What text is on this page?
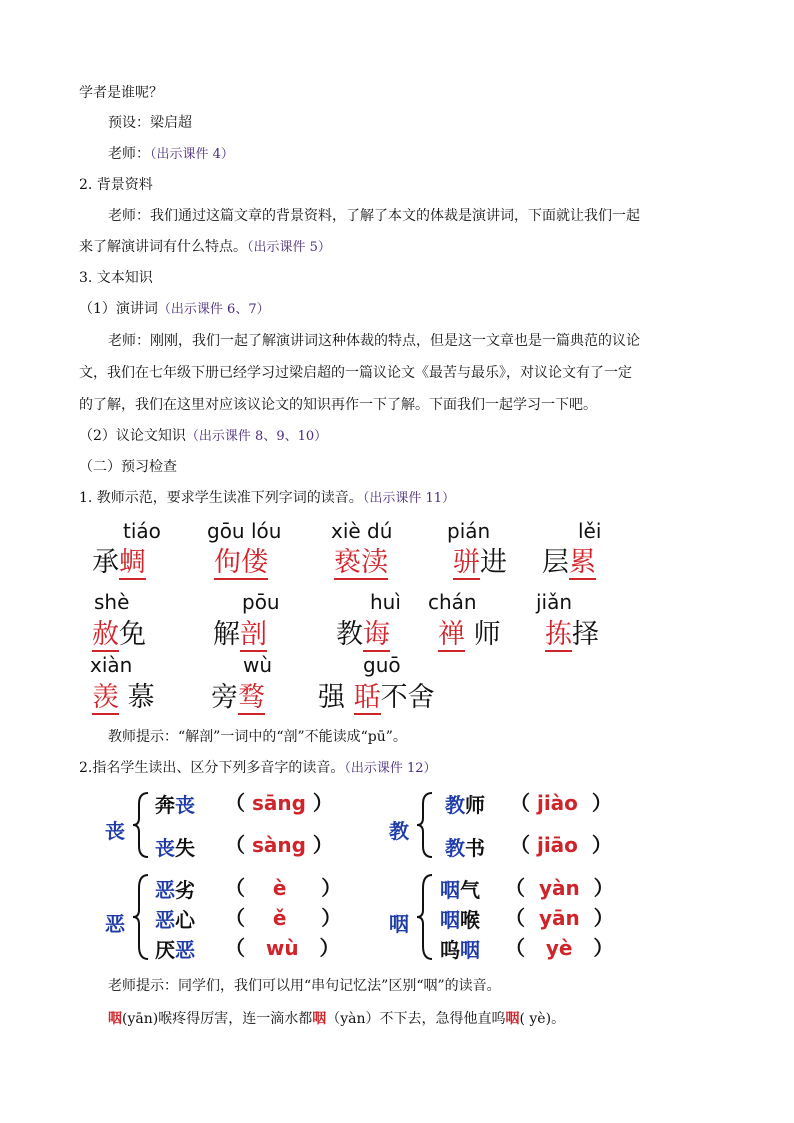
学者是谁呢？
预设：梁启超
老师：（出示课件 4）
2. 背景资料
老师：我们通过这篇文章的背景资料，了解了本文的体裁是演讲词，下面就让我们一起
来了解演讲词有什么特点。（出示课件 5）
3. 文本知识
（1）演讲词（出示课件 6、7）
老师：刚刚，我们一起了解演讲词这种体裁的特点，但是这一文章也是一篇典范的议论
文，我们在七年级下册已经学习过梁启超的一篇议论文《最苦与最乐》，对议论文有了一定
的了解，我们在这里对应该议论文的知识再作一下了解。下面我们一起学习一下吧。
（2）议论文知识（出示课件 8、9、10）
（二）预习检查
1. 教师示范，要求学生读准下列字词的读音。（出示课件 11）
tiáo
承蜩
gōu lóu
佝偻
xiè dú
亵渎
pián
骈进
lěi
层累
shè
赦免
pōu
解剖
huì
教诲
chán
禅 师
jiǎn
拣择
xiàn
羡 慕
wù
旁骛
guō
强 聒不舍
教师提示：“解剖”一词中的“剖”不能读成“pū”。
2.指名学生读出、区分下列多音字的读音。（出示课件 12）
丧
奔丧 （ sāng ）
丧失 （ sàng ）
教
教师 （ jiào  ）
教书 （ jiāo  ）
恶
恶劣 （    è     ）
恶心 （    ě     ）
厌恶 （   wù   ）
咽
咽气 （  yàn  ）
咽喉 （  yān  ）
呜咽 （   yè   ）
老师提示：同学们，我们可以用“串句记忆法”区别“咽”的读音。
咽(yān)喉疼得厉害，连一滴水都咽（yàn）不下去，急得他直呜咽( yè)。
